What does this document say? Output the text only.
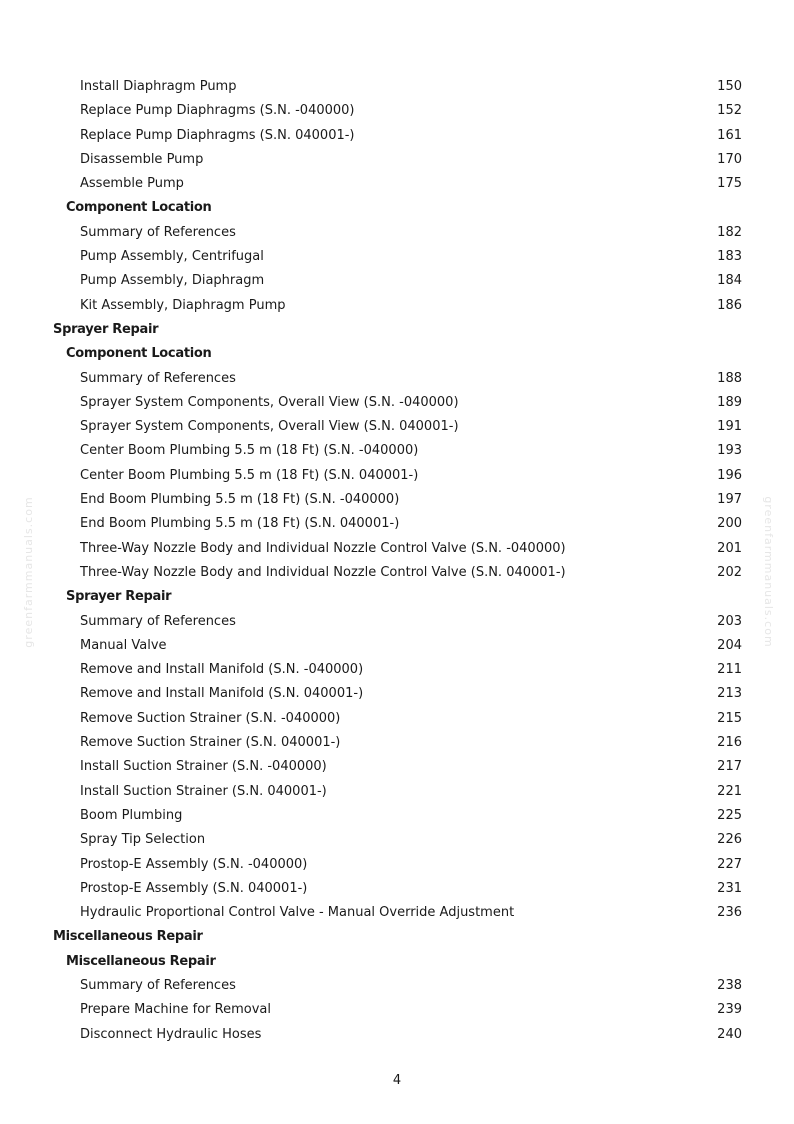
greenfarmmanuals.com	greenfarmmanuals.com
Install Diaphragm Pump	150
Replace Pump Diaphragms (S.N. -040000)	152
Replace Pump Diaphragms (S.N. 040001-)	161
Disassemble Pump	170
Assemble Pump	175
Component Location
Summary of References	182
Pump Assembly, Centrifugal	183
Pump Assembly, Diaphragm	184
Kit Assembly, Diaphragm Pump	186
Sprayer Repair
Component Location
Summary of References	188
Sprayer System Components, Overall View (S.N. -040000)	189
Sprayer System Components, Overall View (S.N. 040001-)	191
Center Boom Plumbing 5.5 m (18 Ft) (S.N. -040000)	193
Center Boom Plumbing 5.5 m (18 Ft) (S.N. 040001-)	196
End Boom Plumbing 5.5 m (18 Ft) (S.N. -040000)	197
End Boom Plumbing 5.5 m (18 Ft) (S.N. 040001-)	200
Three-Way Nozzle Body and Individual Nozzle Control Valve (S.N. -040000)	201
Three-Way Nozzle Body and Individual Nozzle Control Valve (S.N. 040001-)	202
Sprayer Repair
Summary of References	203
Manual Valve	204
Remove and Install Manifold (S.N. -040000)	211
Remove and Install Manifold (S.N. 040001-)	213
Remove Suction Strainer (S.N. -040000)	215
Remove Suction Strainer (S.N. 040001-)	216
Install Suction Strainer (S.N. -040000)	217
Install Suction Strainer (S.N. 040001-)	221
Boom Plumbing	225
Spray Tip Selection	226
Prostop-E Assembly (S.N. -040000)	227
Prostop-E Assembly (S.N. 040001-)	231
Hydraulic Proportional Control Valve - Manual Override Adjustment	236
Miscellaneous Repair
Miscellaneous Repair
Summary of References	238
Prepare Machine for Removal	239
Disconnect Hydraulic Hoses	240
4
